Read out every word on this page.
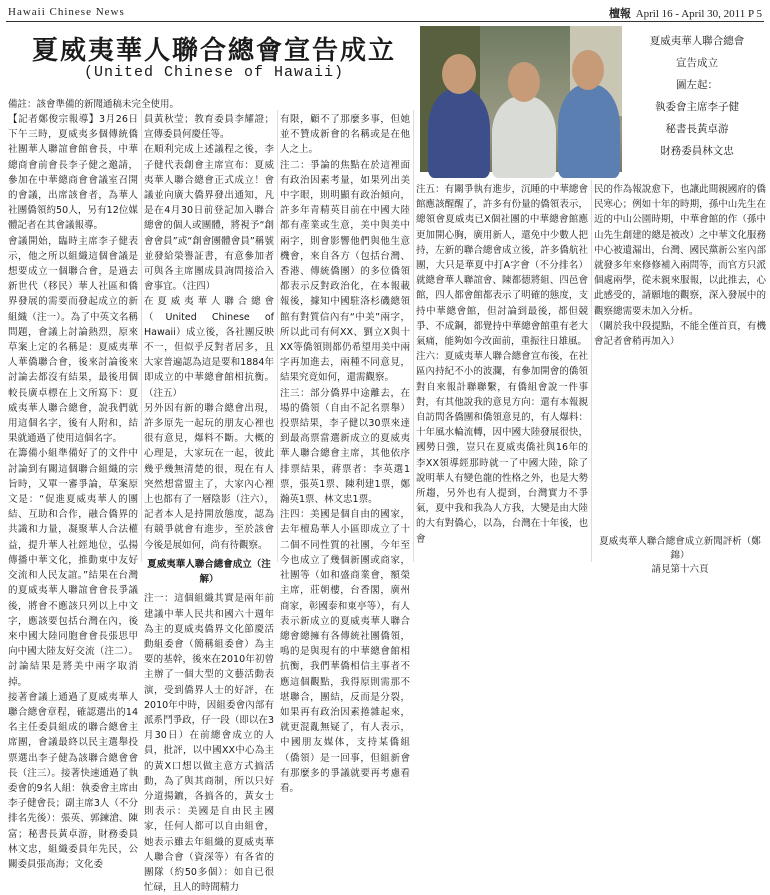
Hawaii Chinese News	檀報 April 16 - April 30, 2011 P 5
夏威夷華人聯合總會宣告成立
(United Chinese of Hawaii)
備註：該會準備的新聞通稿未完全使用。
夏威夷華人聯合總會
宣告成立
圖左起：
執委會主席李子健
秘書長黃卓游
財務委員林文忠

【記者鄭俊宗報導】3月26日下午三時，夏威夷多個傳統僑社團華人聯誼會館會長，中華總商會前會長李子健之邀請，參加在中華總商會會議室召開的會議，出席該會者，為華人社團僑領約50人，另有12位媒體記者在其會議報導。

會議開始，臨時主席李子健表示，他之所以組織這個會議是想要成立一個聯合會，是過去新世代（移民）華人社區和僑界發展的需要而發起成立的新組織（注一）。為了中英文名稱問題，會議上討論熱烈，原來草案上定的名稱是：夏威夷華人華僑聯合會，後來討論後來討論去都沒有結果，最後用個較長廣卓標在上文所寫下：夏威夷華人聯合總會，說我們就用這個名字，後有人附和，結果就通過了使用這個名字。

在籌備小組準備好了的文件中討論到有關這個聯合組織的宗旨時，又單一審爭論，草案原文是：“促進夏威夷華人的團結、互助和合作，融合僑界的共識和力量，凝聚華人合法權益，提升華人社經地位，弘揚傳播中華文化，推動東中友好交流和人民友誼。”結果在台灣的夏威夷華人聯誼會會長爭議後，將會不應該只列以上中文字，應該要包括台灣在內，後來中國大陸同胞會會長張思甲向中國大陸友好交流（注二）。討論結果是將美中兩字取消掉。

接著會議上通過了夏威夷華人聯合總會章程，確認選出的14名主任委員組成的聯合總會主席團，會議最終以民主選舉投票選出李子健為該聯合總會會長（注三）。接著快速通過了執委會的9名人組：執委會主席由李子健會長；副主席3人（不分排名先後）：張英、郭鍊滄、陳富；秘書長黃卓游，財務委員林文忠，組織委員年先民，公關委員張高海；文化委

員黃秋莹；教育委員李耀證；宣傳委員何慶任等。

在順利完成上述議程之後，李子健代表創會主席宣布：夏威夷華人聯合總會正式成立！會議並向廣大僑界發出通知，凡是在4月30日前登記加入聯合總會的個人或團體，將視予“創會會員”或“創會團體會員”稱號並發給榮譽証書，有意參加者可與各主席團成員詢問接洽入會事宜。（注四）

在夏威夷華人聯合總會（United Chinese of Hawaii）成立後，各社團反映不一，但似乎反對者居多，且大家普遍認為這是要和1884年即成立的中華總會館相抗衡。（注五）

另外因有新的聯合總會出現，許多原先一起玩的朋友心裡也很有意見，爆料不斷。大概的心理是，大家玩在一起，彼此幾乎幾無清楚的很，現在有人突然想當盟主了，大家內心裡上也都有了一層陰影（注六），記者本人是持開放態度，認為有競爭就會有進步，至於該會今後是展如何，尚有待觀察。

夏威夷華人聯合總會成立（注解）

注一：這個組織其實是兩年前建議中華人民共和國六十週年為主的夏威夷僑界文化節慶活動組委會（簡稱組委會）為主要的基幹，後來在2010年初曾主辦了一個大型的文藝活動表演，受到僑界人士的好評，在2010年中時，因組委會內部有派系鬥爭政，仔一段（即以在3月30日）在前總會成立的人員，批評，以中國XX中心為主的黃X口想以做主意方式搞活動，為了與其商制，所以只好分道揚鑣，各搞各的，黃女士則表示：美國是自由民主國家，任何人都可以自由組會，她表示雖去年組織的夏威夷華人聯合會（資深等）有各省的團隊（約50多個）：如自已很忙碌，且人的時間精力

有限，顧不了那麼多事，但她並不贊成新會的名稱或是在他人之上。

注二：爭論的焦點在於這裡面有政治因素考量，如果列出美中字眼，則明顯有政治傾向，許多年青精英目前在中國大陸都有產業或生意，美中與美中兩字，則會影響他們與他生意機會，來自各方（包括台灣、香港、傳統僑團）的多位僑領都表示反對政治化，在本報載報後，據知中國駐洛杉磯總領館有對質信內有“中美”兩字，所以此司有何XX、劉立X與十XX等僑領則都仍希望用美中兩字再加進去，兩種不同意見，結果究竟如何，還需觀察。

注三：部分僑界中途離去，在場的僑領（自由不記名票舉）投票結果，李子健以30票來達到最高票當選新成立的夏威夷華人聯合總會主席，其他依序排票結果，蔣票者：李英選1票，張英1票、陳利建1票，鄭瀚英1票、林文忠1票。

注四：美國是個自由的國家，去年檀島華人小區即成立了十二個不同性質的社團，今年至今也成立了幾個新團或商家，社團等（如和盛商業會，額榮主席，莊朝樓，台香閣，廣州商家，彰國泰和東亭等），有人表示新成立的夏威夷華人聯合總會總擁有各傳統社團僑領，鳴的是與現有的中華總會館相抗衡，我們華僑相信主事者不應這個觀點，我得原則需那不堪聯合，團結，反而是分裂，如果再有政治因素捲雜起來，就更混亂無疑了，有人表示，中國朋友媒体，支持某僑組（僑領）是一回事，但組新會有那麼多的爭議就要再考慮看看。

注五：有關爭執有進步，沉睡的中華總會館應該醒醒了，許多有份量的僑領表示，總領會夏威夷已X個社團的中華總會館應更加開心胸，廣用新人，還免中少數人把持，左新的聯合總會成立後，許多僑航社團，大只是華夏中打A字會（不分排名）就總會華人聯誼會、陳都德將組、四邑會館，四人都會館都表示了明確的態度，支持中華總會館，但討論到最後，都但競爭、不成鋼，都覺持中華總會館重有老大氣痛，能夠如今改面前，重振往日雄風。

注六：夏威夷華人聯合總會宣布後，在社區內持紀不小的波瀾，有參加開會的僑領對自來報計聯聯繫，有僑組會說一件事對，有其他說我的意見方向：還有本報親自訪問各僑團和僑領意見的，有人爆料：十年風水輪流轉，因中國大陸發展很快，國勢日強，豈只在夏威夷僑社與16年的李XX領導經那時就一了中國大陸，除了說明華人有變色龍的性格之外，也是大勢所趨，另外也有人提到，台灣實力不爭氣，夏中我和我為人方我，大變是由大陸的大有對僑心，以為，台灣在十年後，也會

民的作為報說愈下，也讓此間親國府的僑民寒心；例如十年的時期，孫中山先生在近的中山公園時期，中華會館的作（孫中山先生創建的總是被改）之中華文化服務中心被遺漏出，台灣、國民黨新公室內部就發多年來修修補入兩問等，而官方只派個處兩學，從未親來服報，以此推去，心此感受的，請願地的觀察，深入發展中的觀察總需要未加入分析。

（關於我中段提點，不能全僅首頁，有機會記者會稍再加入）

夏威夷華人聯合總會成立新聞評析（鄭錦）
請見第十六頁
